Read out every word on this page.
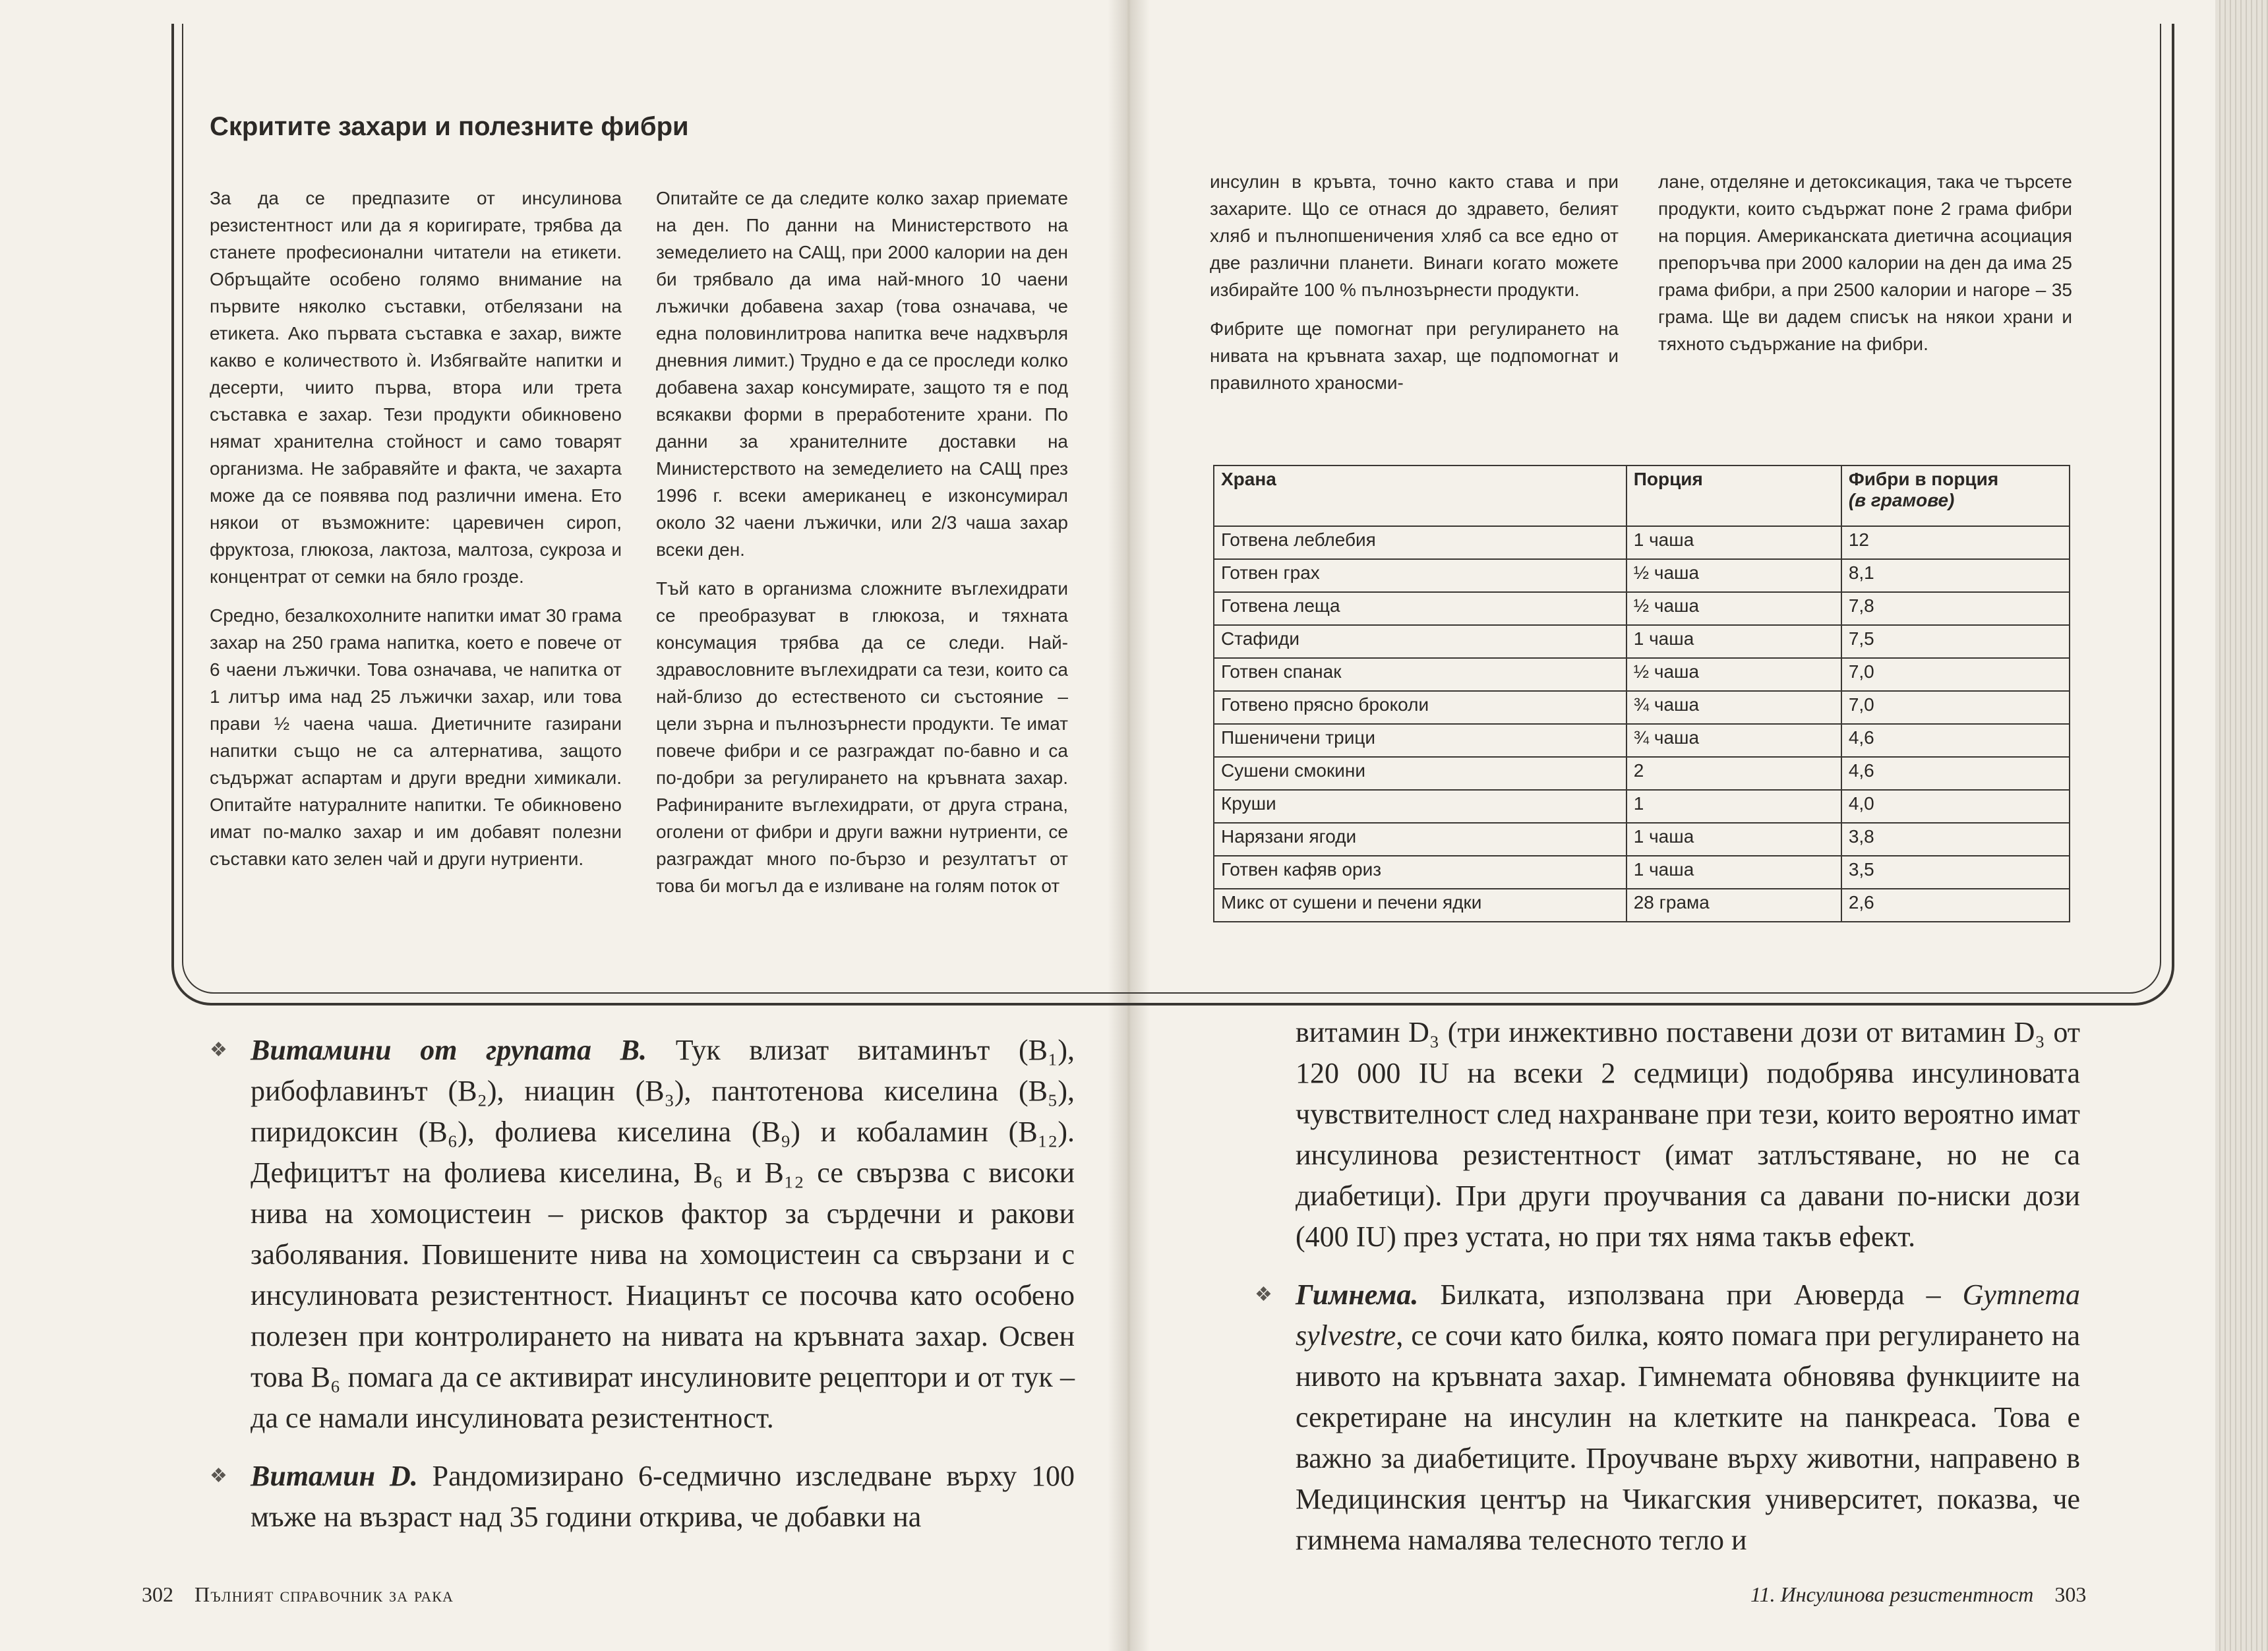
Скритите захари и полезните фибри

За да се предпазите от инсулинова резистентност или да я коригирате, трябва да станете професионални читатели на етикети. Обръщайте особено голямо внимание на първите няколко съставки, отбелязани на етикета. Ако първата съставка е захар, вижте какво е количеството ѝ. Избягвайте напитки и десерти, чиито първа, втора или трета съставка е захар. Тези продукти обикновено нямат хранителна стойност и само товарят организма. Не забравяйте и факта, че захарта може да се появява под различни имена. Ето някои от възможните: царевичен сироп, фруктоза, глюкоза, лактоза, малтоза, сукроза и концентрат от семки на бяло грозде.

Средно, безалкохолните напитки имат 30 грама захар на 250 грама напитка, което е повече от 6 чаени лъжички. Това означава, че напитка от 1 литър има над 25 лъжички захар, или това прави ½ чаена чаша. Диетичните газирани напитки също не са алтернатива, защото съдържат аспартам и други вредни химикали. Опитайте натуралните напитки. Те обикновено имат по-малко захар и им добавят полезни съставки като зелен чай и други нутриенти.

Опитайте се да следите колко захар приемате на ден. По данни на Министерството на земеделието на САЩ, при 2000 калории на ден би трябвало да има най-много 10 чаени лъжички добавена захар (това означава, че една половинлитрова напитка вече надхвърля дневния лимит.) Трудно е да се проследи колко добавена захар консумирате, защото тя е под всякакви форми в преработените храни. По данни за хранителните доставки на Министерството на земеделието на САЩ през 1996 г. всеки американец е изконсумирал около 32 чаени лъжички, или 2/3 чаша захар всеки ден.

Тъй като в организма сложните въглехидрати се преобразуват в глюкоза, и тяхната консумация трябва да се следи. Най-здравословните въглехидрати са тези, които са най-близо до естественото си състояние – цели зърна и пълнозърнести продукти. Те имат повече фибри и се разграждат по-бавно и са по-добри за регулирането на кръвната захар. Рафинираните въглехидрати, от друга страна, оголени от фибри и други важни нутриенти, се разграждат много по-бързо и резултатът от това би могъл да е изливане на голям поток от

инсулин в кръвта, точно както става и при захарите. Що се отнася до здравето, белият хляб и пълнопшеничения хляб са все едно от две различни планети. Винаги когато можете избирайте 100 % пълнозърнести продукти.

Фибрите ще помогнат при регулирането на нивата на кръвната захар, ще подпомогнат и правилното храносми-

лане, отделяне и детоксикация, така че търсете продукти, които съдържат поне 2 грама фибри на порция. Американската диетична асоциация препоръчва при 2000 калории на ден да има 25 грама фибри, а при 2500 калории и нагоре – 35 грама. Ще ви дадем списък на някои храни и тяхното съдържание на фибри.

Храна	Порция	Фибри в порция
(в грамове)
Готвена леблебия	1 чаша	12
Готвен грах	½ чаша	8,1
Готвена леща	½ чаша	7,8
Стафиди	1 чаша	7,5
Готвен спанак	½ чаша	7,0
Готвено прясно броколи	¾ чаша	7,0
Пшеничени трици	¾ чаша	4,6
Сушени смокини	2	4,6
Круши	1	4,0
Нарязани ягоди	1 чаша	3,8
Готвен кафяв ориз	1 чаша	3,5
Микс от сушени и печени ядки	28 грама	2,6

❖ Витамини от групата В. Тук влизат витаминът (B₁), рибофлавинът (B₂), ниацин (B₃), пантотенова киселина (B₅), пиридоксин (B₆), фолиева киселина (B₉) и кобаламин (B₁₂). Дефицитът на фолиева киселина, B₆ и B₁₂ се свързва с високи нива на хомоцистеин – рисков фактор за сърдечни и ракови заболявания. Повишените нива на хомоцистеин са свързани и с инсулиновата резистентност. Ниацинът се посочва като особено полезен при контролирането на нивата на кръвната захар. Освен това B₆ помага да се активират инсулиновите рецептори и от тук – да се намали инсулиновата резистентност.

❖ Витамин D. Рандомизирано 6-седмично изследване върху 100 мъже на възраст над 35 години открива, че добавки на

витамин D₃ (три инжективно поставени дози от витамин D₃ от 120 000 IU на всеки 2 седмици) подобрява инсулиновата чувствителност след нахранване при тези, които вероятно имат инсулинова резистентност (имат затлъстяване, но не са диабетици). При други проучвания са давани по-ниски дози (400 IU) през устата, но при тях няма такъв ефект.

❖ Гимнема. Билката, използвана при Аюверда – Gymnema sylvestre, се сочи като билка, която помага при регулирането на нивото на кръвната захар. Гимнемата обновява функциите на секретиране на инсулин на клетките на панкреаса. Това е важно за диабетиците. Проучване върху животни, направено в Медицинския център на Чикагския университет, показва, че гимнема намалява телесното тегло и

302 Пълният справочник за рака	11. Инсулинова резистентност 303
